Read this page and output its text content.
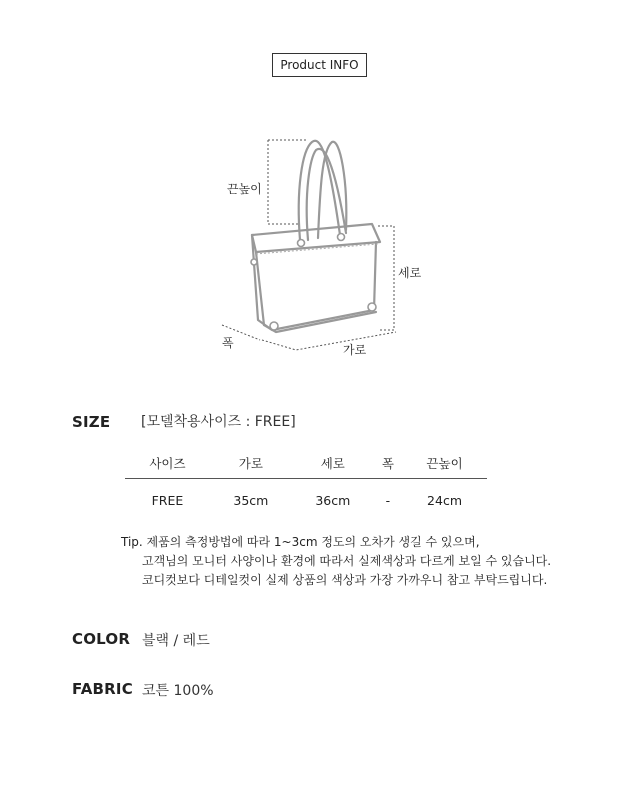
Product INFO
끈높이
세로
폭	가로
SIZE [모델착용사이즈 : FREE]
사이즈	가로	세로	폭	끈높이
FREE	35cm	36cm	-	24cm
Tip. 제품의 측정방법에 따라 1~3cm 정도의 오차가 생길 수 있으며,
고객님의 모니터 사양이나 환경에 따라서 실제색상과 다르게 보일 수 있습니다.
코디컷보다 디테일컷이 실제 상품의 색상과 가장 가까우니 참고 부탁드립니다.
COLOR 블랙 / 레드
FABRIC 코튼 100%
